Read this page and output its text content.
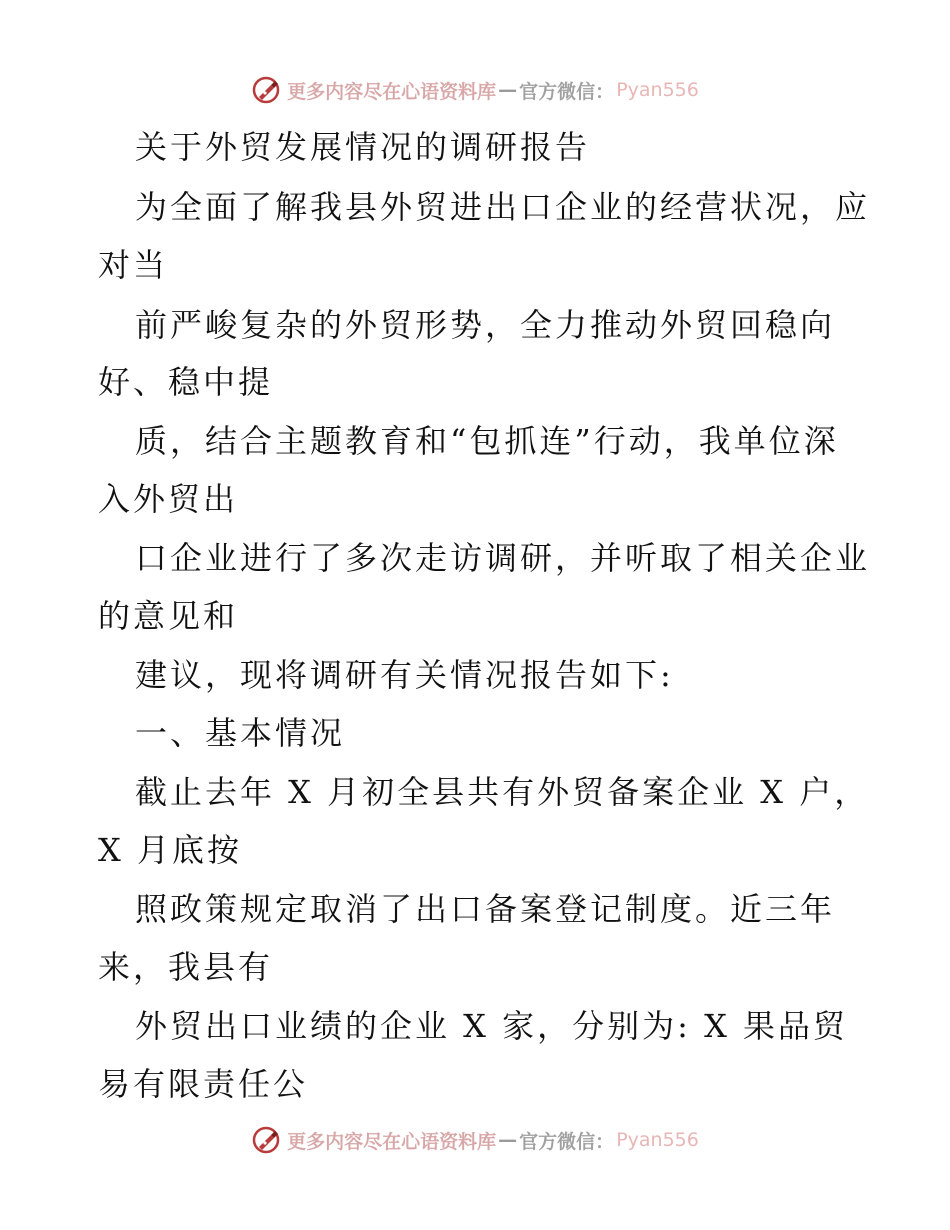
更多内容尽在心语资料库 — 官方微信： Pyan556
关于外贸发展情况的调研报告
为全面了解我县外贸进出口企业的经营状况，应
对当
前严峻复杂的外贸形势，全力推动外贸回稳向
好、稳中提
质，结合主题教育和“包抓连”行动，我单位深
入外贸出
口企业进行了多次走访调研，并听取了相关企业
的意见和
建议，现将调研有关情况报告如下:
一、基本情况
截止去年 X 月初全县共有外贸备案企业 X 户，
X 月底按
照政策规定取消了出口备案登记制度。近三年
来，我县有
外贸出口业绩的企业 X 家，分别为: X 果品贸
易有限责任公
更多内容尽在心语资料库 — 官方微信： Pyan556
